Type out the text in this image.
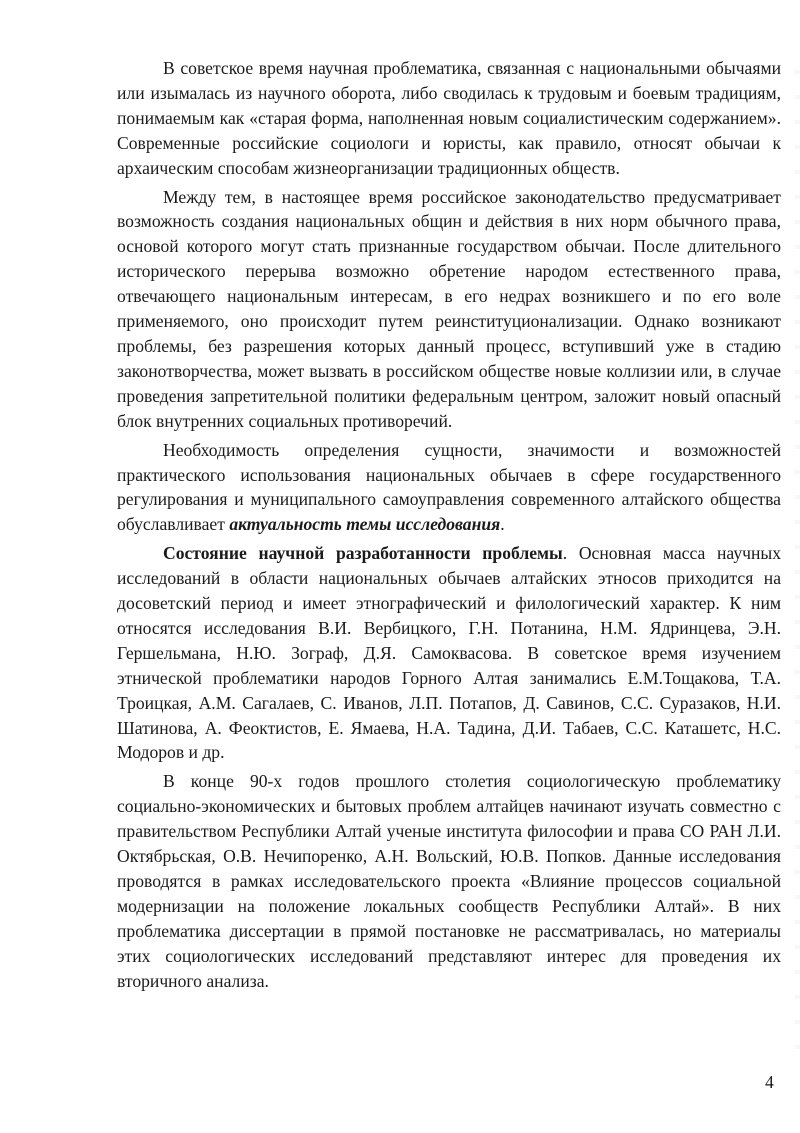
В советское время научная проблематика, связанная с национальными обычаями или изымалась из научного оборота, либо сводилась к трудовым и боевым традициям, понимаемым как «старая форма, наполненная новым социалистическим содержанием». Современные российские социологи и юристы, как правило, относят обычаи к архаическим способам жизнеорганизации традиционных обществ.

Между тем, в настоящее время российское законодательство предусматривает возможность создания национальных общин и действия в них норм обычного права, основой которого могут стать признанные государством обычаи. После длительного исторического перерыва возможно обретение народом естественного права, отвечающего национальным интересам, в его недрах возникшего и по его воле применяемого, оно происходит путем реинституционализации. Однако возникают проблемы, без разрешения которых данный процесс, вступивший уже в стадию законотворчества, может вызвать в российском обществе новые коллизии или, в случае проведения запретительной политики федеральным центром, заложит новый опасный блок внутренних социальных противоречий.

Необходимость определения сущности, значимости и возможностей практического использования национальных обычаев в сфере государственного регулирования и муниципального самоуправления современного алтайского общества обуславливает актуальность темы исследования.

Состояние научной разработанности проблемы. Основная масса научных исследований в области национальных обычаев алтайских этносов приходится на досоветский период и имеет этнографический и филологический характер. К ним относятся исследования В.И. Вербицкого, Г.Н. Потанина, Н.М. Ядринцева, Э.Н. Гершельмана, Н.Ю. Зограф, Д.Я. Самоквасова. В советское время изучением этнической проблематики народов Горного Алтая занимались Е.М.Тощакова, Т.А. Троицкая, А.М. Сагалаев, С. Иванов, Л.П. Потапов, Д. Савинов, С.С. Суразаков, Н.И. Шатинова, А. Феоктистов, Е. Ямаева, Н.А. Тадина, Д.И. Табаев, С.С. Каташетс, Н.С. Модоров и др.

В конце 90-х годов прошлого столетия социологическую проблематику социально-экономических и бытовых проблем алтайцев начинают изучать совместно с правительством Республики Алтай ученые института философии и права СО РАН Л.И. Октябрьская, О.В. Нечипоренко, А.Н. Вольский, Ю.В. Попков. Данные исследования проводятся в рамках исследовательского проекта «Влияние процессов социальной модернизации на положение локальных сообществ Республики Алтай». В них проблематика диссертации в прямой постановке не рассматривалась, но материалы этих социологических исследований представляют интерес для проведения их вторичного анализа.

4
